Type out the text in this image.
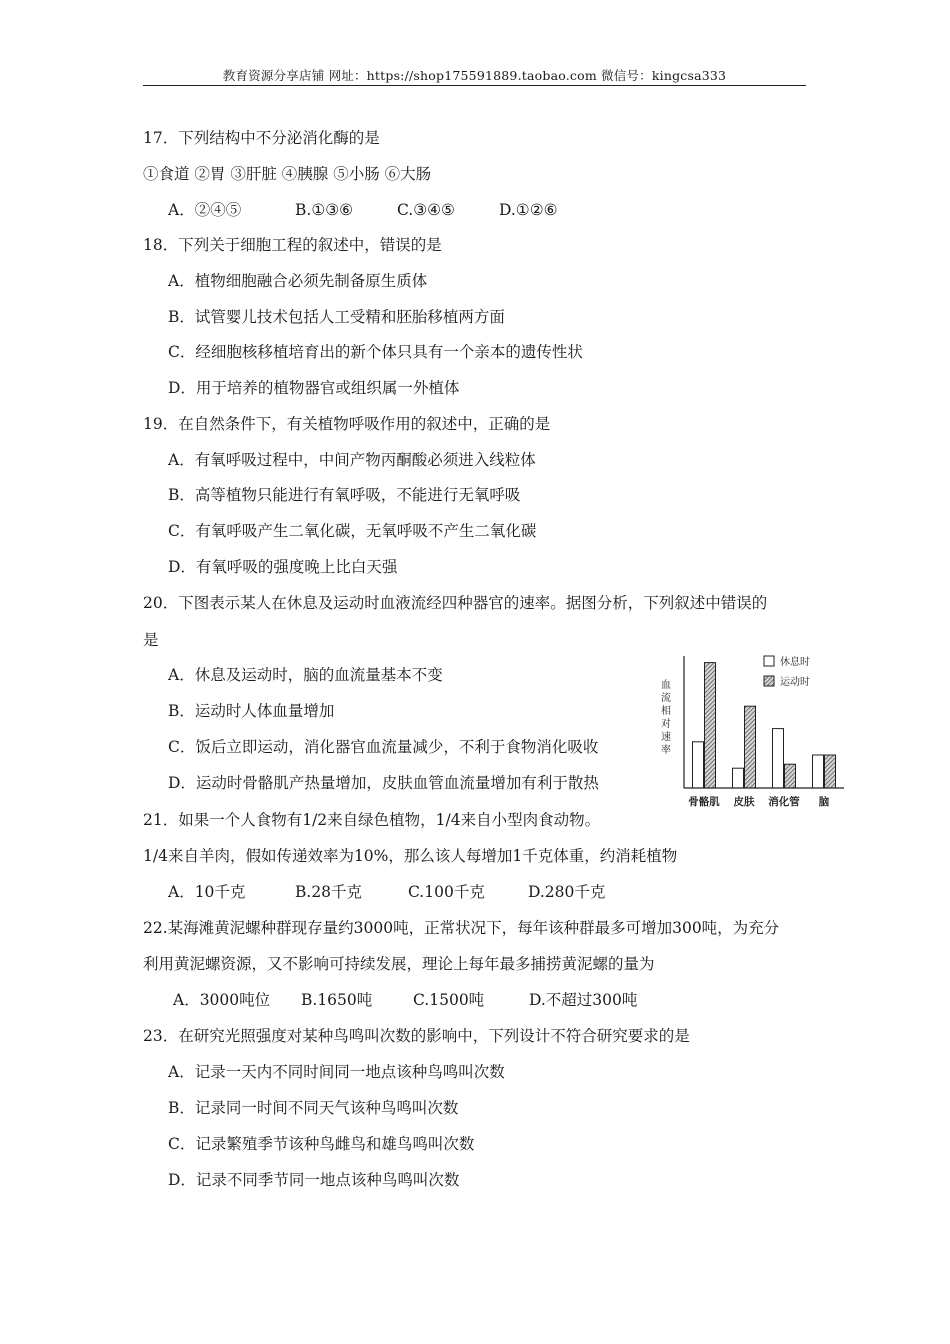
教育资源分享店铺 网址：https://shop175591889.taobao.com 微信号：kingcsa333
17．下列结构中不分泌消化酶的是
①食道 ②胃 ③肝脏 ④胰腺 ⑤小肠 ⑥大肠
A．②④⑤	B.①③⑥	C.③④⑤	D.①②⑥
18．下列关于细胞工程的叙述中，错误的是
A．植物细胞融合必须先制备原生质体
B．试管婴儿技术包括人工受精和胚胎移植两方面
C．经细胞核移植培育出的新个体只具有一个亲本的遗传性状
D．用于培养的植物器官或组织属一外植体
19．在自然条件下，有关植物呼吸作用的叙述中，正确的是
A．有氧呼吸过程中，中间产物丙酮酸必须进入线粒体
B．高等植物只能进行有氧呼吸，不能进行无氧呼吸
C．有氧呼吸产生二氧化碳，无氧呼吸不产生二氧化碳
D．有氧呼吸的强度晚上比白天强
20．下图表示某人在休息及运动时血液流经四种器官的速率。据图分析，下列叙述中错误的
是
A．休息及运动时，脑的血流量基本不变
B．运动时人体血量增加
C．饭后立即运动，消化器官血流量减少，不利于食物消化吸收
D．运动时骨骼肌产热量增加，皮肤血管血流量增加有利于散热
血流相对速率
骨骼肌 皮肤 消化管 脑
休息时
运动时
21．如果一个人食物有1/2来自绿色植物，1/4来自小型肉食动物。
1/4来自羊肉，假如传递效率为10%，那么该人每增加1千克体重，约消耗植物
A．10千克	B.28千克	C.100千克	D.280千克
22.某海滩黄泥螺种群现存量约3000吨，正常状况下，每年该种群最多可增加300吨，为充分
利用黄泥螺资源，又不影响可持续发展，理论上每年最多捕捞黄泥螺的量为
A．3000吨位 B.1650吨	C.1500吨	D.不超过300吨
23．在研究光照强度对某种鸟鸣叫次数的影响中，下列设计不符合研究要求的是
A．记录一天内不同时间同一地点该种鸟鸣叫次数
B．记录同一时间不同天气该种鸟鸣叫次数
C．记录繁殖季节该种鸟雌鸟和雄鸟鸣叫次数
D．记录不同季节同一地点该种鸟鸣叫次数
